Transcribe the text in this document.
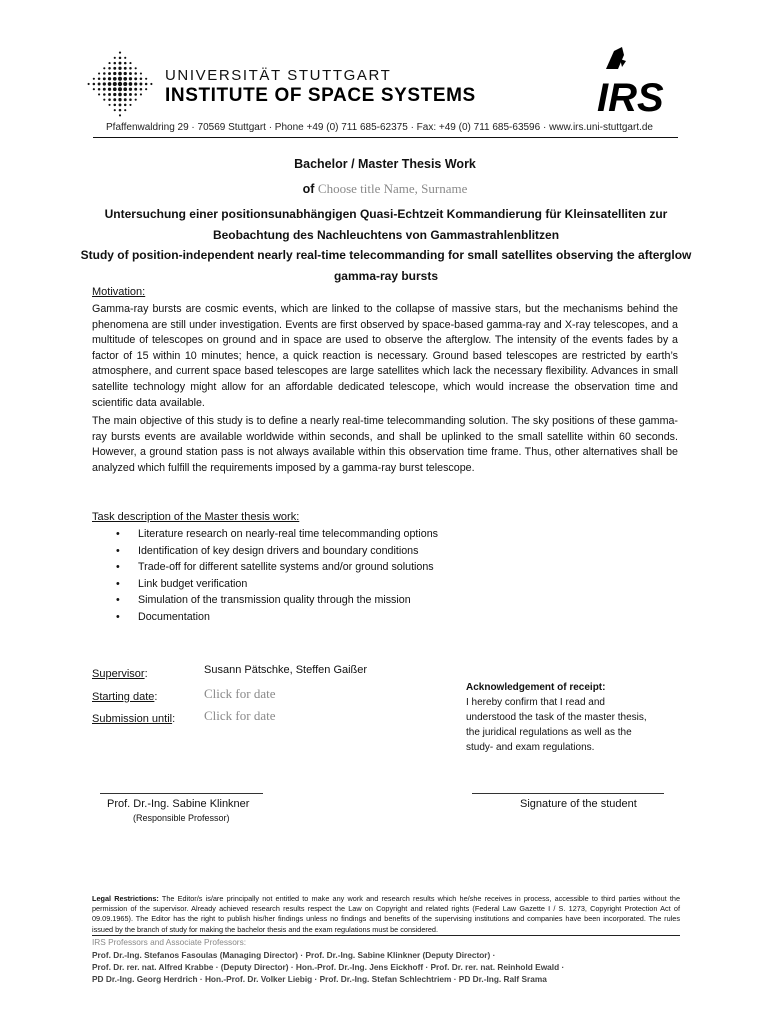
UNIVERSITÄT STUTTGART
INSTITUTE OF SPACE SYSTEMS	IRS
Pfaffenwaldring 29 · 70569 Stuttgart · Phone +49 (0) 711 685-62375 · Fax: +49 (0) 711 685-63596 · www.irs.uni-stuttgart.de
Bachelor / Master Thesis Work
of Choose title Name, Surname
Untersuchung einer positionsunabhängigen Quasi-Echtzeit Kommandierung für Kleinsatelliten zur Beobachtung des Nachleuchtens von Gammastrahlenblitzen
Study of position-independent nearly real-time telecommanding for small satellites observing the afterglow gamma-ray bursts
Motivation:
Gamma-ray bursts are cosmic events, which are linked to the collapse of massive stars, but the mechanisms behind the phenomena are still under investigation. Events are first observed by space-based gamma-ray and X-ray telescopes, and a multitude of telescopes on ground and in space are used to observe the afterglow. The intensity of the events fades by a factor of 15 within 10 minutes; hence, a quick reaction is necessary. Ground based telescopes are restricted by earth’s atmosphere, and current space based telescopes are large satellites which lack the necessary flexibility. Advances in small satellite technology might allow for an affordable dedicated telescope, which would increase the observation time and scientific data available.
The main objective of this study is to define a nearly real-time telecommanding solution. The sky positions of these gamma-ray bursts events are available worldwide within seconds, and shall be uplinked to the small satellite within 60 seconds. However, a ground station pass is not always available within this observation time frame. Thus, other alternatives shall be analyzed which fulfill the requirements imposed by a gamma-ray burst telescope.
Task description of the Master thesis work:
• Literature research on nearly-real time telecommanding options
• Identification of key design drivers and boundary conditions
• Trade-off for different satellite systems and/or ground solutions
• Link budget verification
• Simulation of the transmission quality through the mission
• Documentation
Supervisor:	Susann Pätschke, Steffen Gaißer
Starting date:	Click for date
Submission until: Click for date
Acknowledgement of receipt:
I hereby confirm that I read and
understood the task of the master thesis,
the juridical regulations as well as the
study- and exam regulations.
Prof. Dr.-Ing. Sabine Klinkner
(Responsible Professor)
Signature of the student
Legal Restrictions: The Editor/s is/are principally not entitled to make any work and research results which he/she receives in process, accessible to third parties without the permission of the supervisor. Already achieved research results respect the Law on Copyright and related rights (Federal Law Gazette I / S. 1273, Copyright Protection Act of 09.09.1965). The Editor has the right to publish his/her findings unless no findings and benefits of the supervising institutions and companies have been incorporated. The rules issued by the branch of study for making the bachelor thesis and the exam regulations must be considered.
IRS Professors and Associate Professors:
Prof. Dr.-Ing. Stefanos Fasoulas (Managing Director) · Prof. Dr.-Ing. Sabine Klinkner (Deputy Director) ·
Prof. Dr. rer. nat. Alfred Krabbe · (Deputy Director) · Hon.-Prof. Dr.-Ing. Jens Eickhoff · Prof. Dr. rer. nat. Reinhold Ewald ·
PD Dr.-Ing. Georg Herdrich · Hon.-Prof. Dr. Volker Liebig · Prof. Dr.-Ing. Stefan Schlechtriem · PD Dr.-Ing. Ralf Srama
